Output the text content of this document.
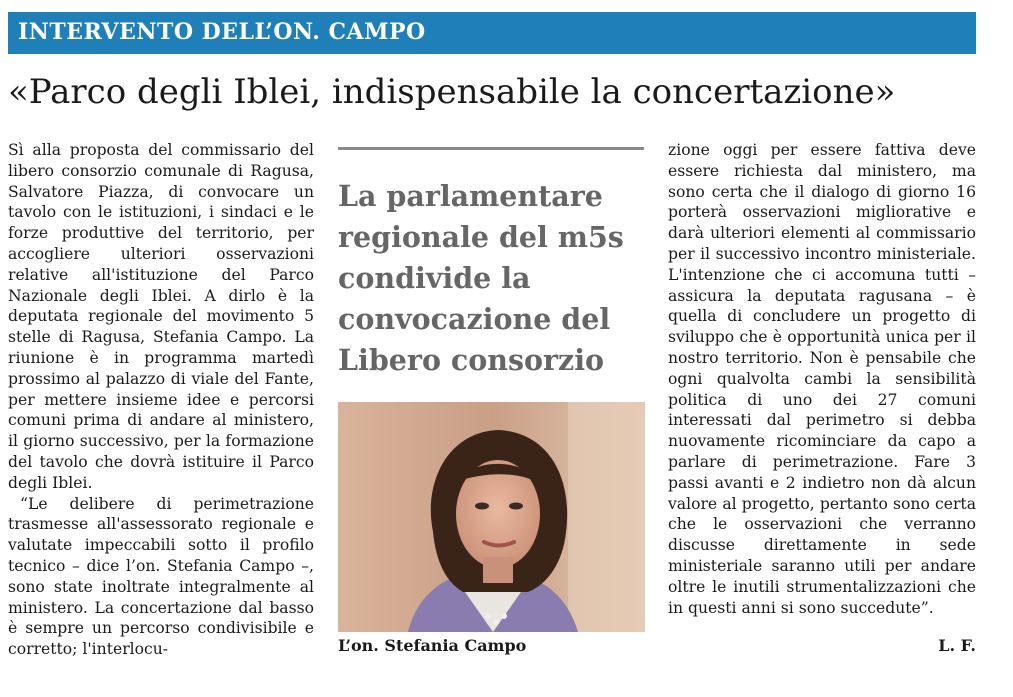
INTERVENTO DELL’ON. CAMPO
«Parco degli Iblei, indispensabile la concertazione»

Sì alla proposta del commissario del libero consorzio comunale di Ragusa, Salvatore Piazza, di convocare un tavolo con le istituzioni, i sindaci e le forze produttive del territorio, per accogliere ulteriori osservazioni relative all'istituzione del Parco Nazionale degli Iblei. A dirlo è la deputata regionale del movimento 5 stelle di Ragusa, Stefania Campo. La riunione è in programma martedì prossimo al palazzo di viale del Fante, per mettere insieme idee e percorsi comuni prima di andare al ministero, il giorno successivo, per la formazione del tavolo che dovrà istituire il Parco degli Iblei.

“Le delibere di perimetrazione trasmesse all'assessorato regionale e valutate impeccabili sotto il profilo tecnico – dice l’on. Stefania Campo –, sono state inoltrate integralmente al ministero. La concertazione dal basso è sempre un percorso condivisibile e corretto; l'interlocu-

La parlamentare regionale del m5s condivide la convocazione del Libero consorzio
L’on. Stefania Campo

zione oggi per essere fattiva deve essere richiesta dal ministero, ma sono certa che il dialogo di giorno 16 porterà osservazioni migliorative e darà ulteriori elementi al commissario per il successivo incontro ministeriale. L'intenzione che ci accomuna tutti – assicura la deputata ragusana – è quella di concludere un progetto di sviluppo che è opportunità unica per il nostro territorio. Non è pensabile che ogni qualvolta cambi la sensibilità politica di uno dei 27 comuni interessati dal perimetro si debba nuovamente ricominciare da capo a parlare di perimetrazione. Fare 3 passi avanti e 2 indietro non dà alcun valore al progetto, pertanto sono certa che le osservazioni che verranno discusse direttamente in sede ministeriale saranno utili per andare oltre le inutili strumentalizzazioni che in questi anni si sono succedute”.

L. F.
